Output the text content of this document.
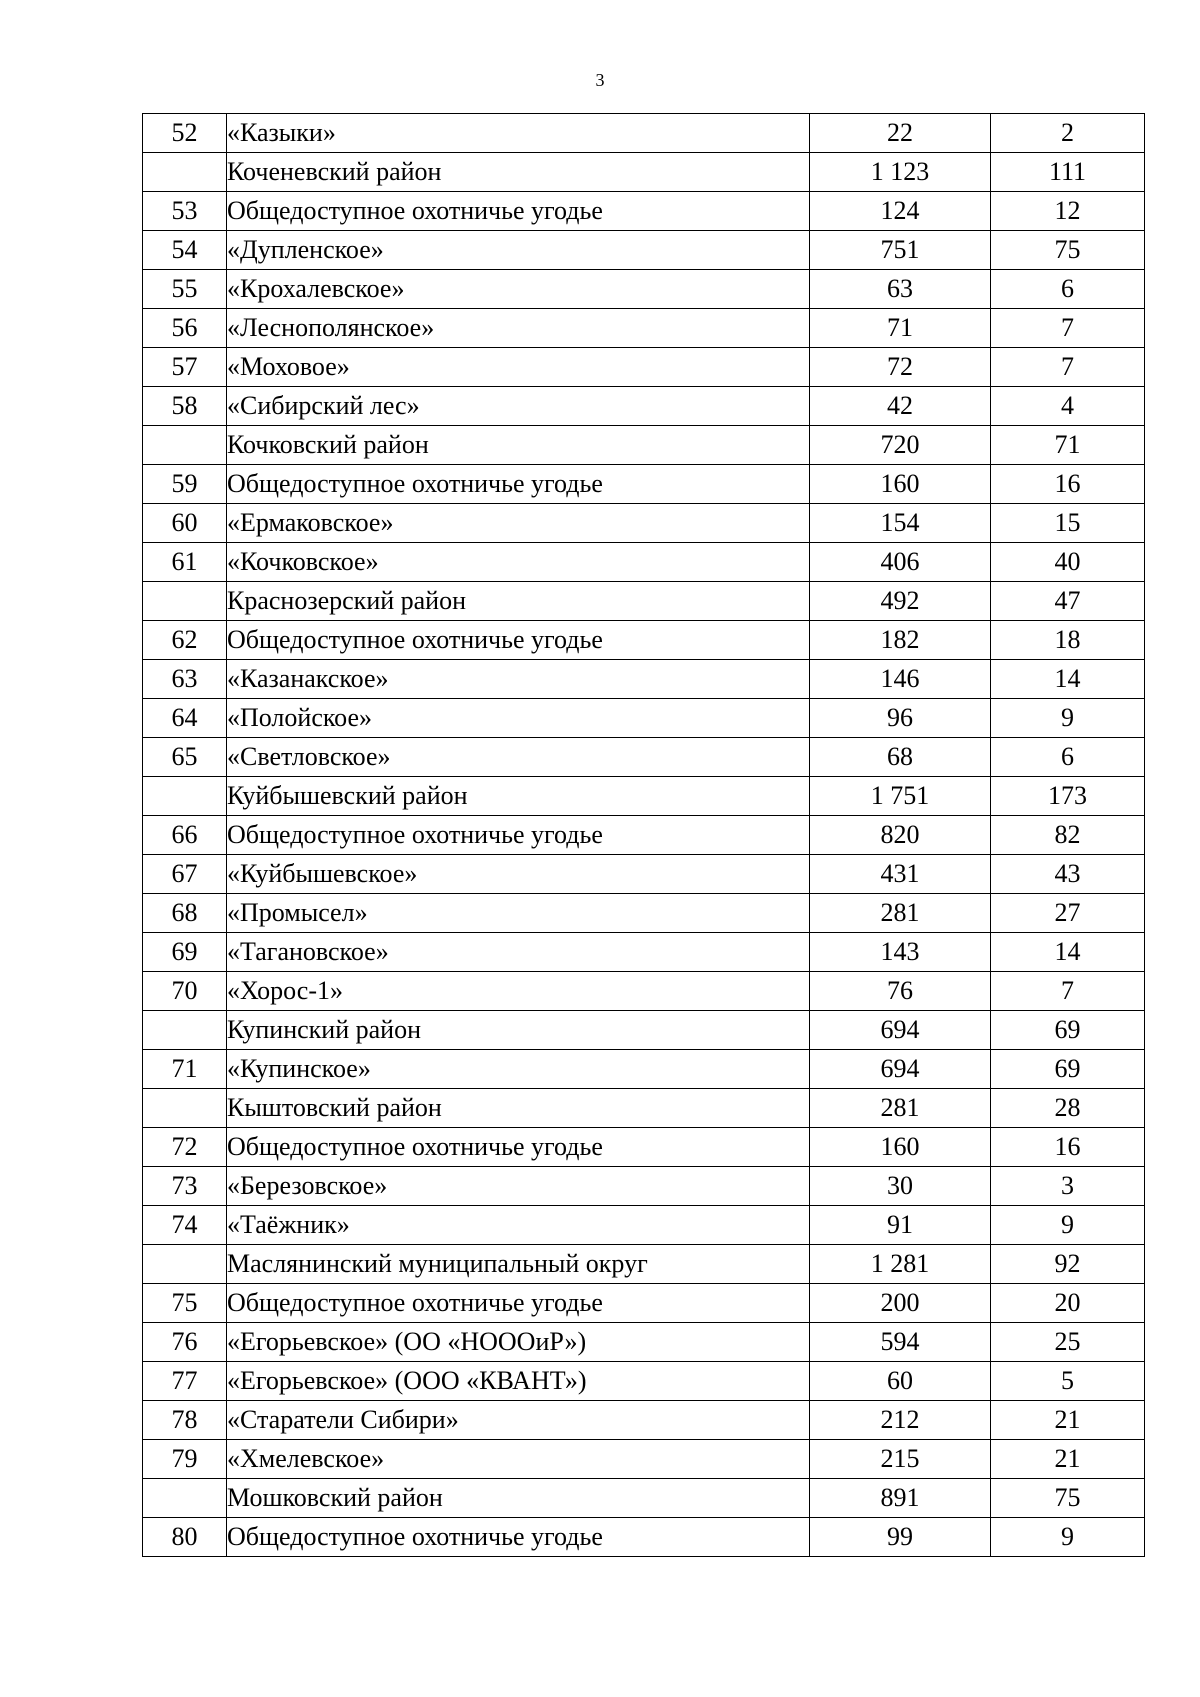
3
52	«Казыки»	22	2
	Коченевский район	1 123	111
53	Общедоступное охотничье угодье	124	12
54	«Дупленское»	751	75
55	«Крохалевское»	63	6
56	«Леснополянское»	71	7
57	«Моховое»	72	7
58	«Сибирский лес»	42	4
	Кочковский район	720	71
59	Общедоступное охотничье угодье	160	16
60	«Ермаковское»	154	15
61	«Кочковское»	406	40
	Краснозерский район	492	47
62	Общедоступное охотничье угодье	182	18
63	«Казанакское»	146	14
64	«Полойское»	96	9
65	«Светловское»	68	6
	Куйбышевский район	1 751	173
66	Общедоступное охотничье угодье	820	82
67	«Куйбышевское»	431	43
68	«Промысел»	281	27
69	«Тагановское»	143	14
70	«Хорос-1»	76	7
	Купинский район	694	69
71	«Купинское»	694	69
	Кыштовский район	281	28
72	Общедоступное охотничье угодье	160	16
73	«Березовское»	30	3
74	«Таёжник»	91	9
	Маслянинский муниципальный округ	1 281	92
75	Общедоступное охотничье угодье	200	20
76	«Егорьевское» (ОО «НОООиР»)	594	25
77	«Егорьевское» (ООО «КВАНТ»)	60	5
78	«Старатели Сибири»	212	21
79	«Хмелевское»	215	21
	Мошковский район	891	75
80	Общедоступное охотничье угодье	99	9
